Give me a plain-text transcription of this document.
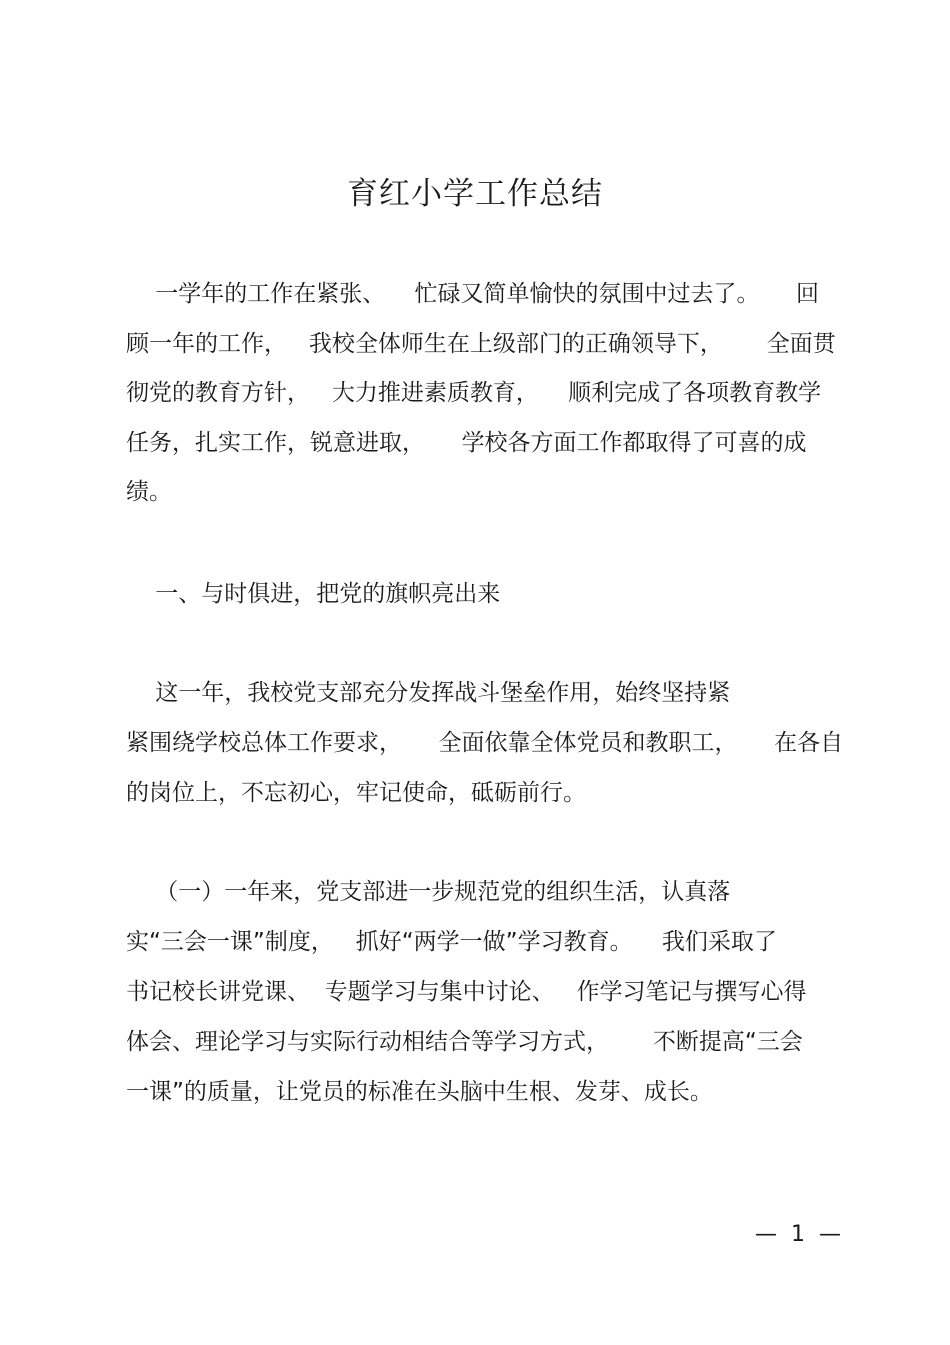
育红小学工作总结
一学年的工作在紧张、    忙碌又简单愉快的氛围中过去了。     回
顾一年的工作，   我校全体师生在上级部门的正确领导下，      全面贯
彻党的教育方针，   大力推进素质教育，    顺利完成了各项教育教学
任务，扎实工作，锐意进取，     学校各方面工作都取得了可喜的成
绩。
一、与时俱进，把党的旗帜亮出来
这一年，我校党支部充分发挥战斗堡垒作用，始终坚持紧
紧围绕学校总体工作要求，     全面依靠全体党员和教职工，     在各自
的岗位上，不忘初心，牢记使命，砥砺前行。
（一）一年来，党支部进一步规范党的组织生活，认真落
实“三会一课”制度，   抓好“两学一做”学习教育。    我们采取了
书记校长讲党课、  专题学习与集中讨论、   作学习笔记与撰写心得
体会、理论学习与实际行动相结合等学习方式，      不断提高“三会
一课”的质量，让党员的标准在头脑中生根、发芽、成长。
—  1  —
